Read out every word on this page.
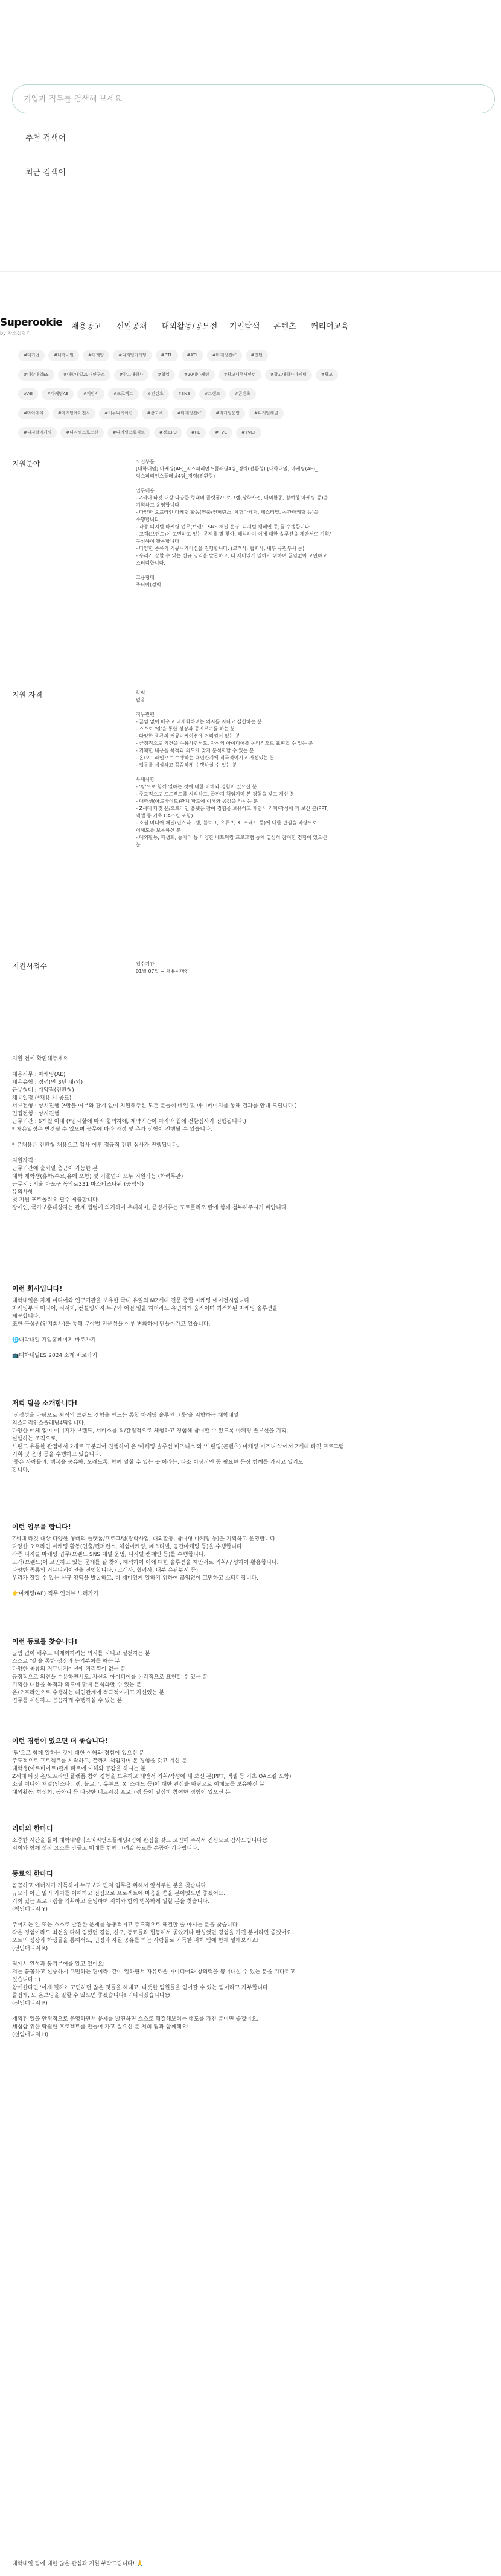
기업과 직무를 검색해 보세요
추천 검색어
최근 검색어
Superookie
by 자소설닷컴
채용공고 신입공채 대외활동/공모전 기업탐색 콘텐츠 커리어교육
#대기업	#대학내일	#마케팅	#디지털마케팅	#BTL	#ATL	#마케팅전략	#인턴
#대학내일ES	#대학내일20대연구소	#광고대행사	#협업	#20대마케팅	#광고대행사인턴	#광고대행사마케팅	#광고
#AE	#마케팅AE	#제안서	#프로젝트	#컨텐츠	#SNS	#트렌드	#콘텐츠
#마이데이	#마케팅에이전시	#커뮤니케이션	#광고주	#마케팅전략	#마케팅운영	#디지털채널
#디지털마케팅	#디지털프로모션	#디지털프로젝트	#정보PD	#PD	#TVC	#TVCF
지원분야	모집부문
[대학내일] 마케팅(AE)_익스피리언스플래닝4팀_경력(전환형) [대학내일] 마케팅(AE)_
익스피리언스플래닝4팀_경력(전환형)
업무내용
- Z세대 타깃 대상 다양한 형태의 플랫폼/프로그램(장학사업, 대외활동, 참여형 마케팅 등)을
기획하고 운영합니다.
- 다양한 오프라인 마케팅 활동(연출/컨퍼런스, 체험마케팅, 페스티벌, 공간마케팅 등)을
수행합니다.
- 각종 디지털 마케팅 업무(브랜드 SNS 채널 운영, 디지털 캠페인 등)를 수행합니다.
- 고객(브랜드)이 고민하고 있는 문제를 잘 찾아, 해석하여 이에 대한 솔루션을 제안서로 기획/
구성하여 활용합니다.
- 다양한 종류의 커뮤니케이션을 진행합니다. (고객사, 협력사, 내부 유관부서 등)
- 우리가 잘할 수 있는 신규 영역을 발굴하고, 더 재미있게 일하기 위하여 끊임없이 고민하고
스터디합니다.
고용형태
주니어(경력
지원 자격	학력
없음
직무관련
- 끊임 없이 배우고 내재화하려는 의지를 지니고 실천하는 분
- 스스로 '일'을 통한 성장과 동기부여를 하는 분
- 다양한 종류의 커뮤니케이션에 거리낌이 없는 분
- 긍정적으로 의견을 수용하면서도, 자신의 아이디어를 논리적으로 표현할 수 있는 분
- 기획한 내용을 목적과 의도에 맞게 분석화할 수 있는 분
- 온/오프라인으로 수행하는 대인관계에 적극적이시고 자신있는 분
- 업무를 세심하고 꼼꼼하게 수행하실 수 있는 분
우대사항
- '팀'으로 함께 일하는 것에 대한 이해와 경험이 있으신 분
- 주도적으로 프로젝트를 시작하고, 끝까지 책임지며 본 경험을 갖고 계신 분
- 대학생(아르바이트)관계 파트에 이해와 공감을 하시는 분
- Z세대 타깃 온/오프라인 플랫폼 참여 경험을 보유하고 제안서 기획/작성에 꽤 보신 분(PPT,
엑셀 등 기초 OA스킬 포함)
- 소셜 미디어 채널(인스타그램, 블로그, 유튜브, X, 스레드 등)에 대한 관심을 바탕으로
이해도를 보유하신 분
- 대외활동, 학생회, 동아리 등 다양한 네트워킹 프로그램 등에 열심히 참여한 경험이 있으신
분
지원서접수	접수기간
01월 07일 ~ 채용시마감
지원 전에 확인해주세요!
채용직무 : 마케팅(AE)
채용유형 : 경력(만 3년 내/외)
근무형태 : 계약직(전환형)
채용일정 (*채용 시 종료)
서류전형 : 상시진행 (*합불 여부와 관계 없이 지원해주신 모든 분들께 메일 및 마이페이지를 통해 결과를 안내 드립니다.)
면접전형 : 상시진행
근무기간 : 6개월 이내 (*입사할에 따라 협의하에, 계약기간이 마지막 월에 전환심사가 진행됩니다.)
* 채용일정은 변경될 수 있으며 공무에 따라 과정 및 추가 전형이 진행될 수 있습니다.
* 본채용은 전환형 채용으로 입사 이후 정규직 전환 심사가 진행됩니다.
지원자격 :
근무기간에 출퇴일 출근이 가능한 분
대학 재학생(휴학/수료,유예 포함) 및 기졸업자 모두 지원가능 (학력무관)
근무지 : 서울 마포구 독막로331 마스터즈타워 (공덕역)
유의사항
첫 지원 포트폴리오 필수 제출합니다.
장애인, 국가보훈대상자는 관계 법령에 의거하여 우대하며, 증빙서류는 포트폴리오 란에 함께 첨부해주시기 바랍니다.
이런 회사입니다!
대학내일은 자체 미디어와 연구기관을 보유한 국내 유일의 MZ세대 전문 종합 마케팅 에이전시입니다.
마케팅부터 미디어, 리서치, 컨설팅까지 누구와 어떤 일을 하더라도 유연하게 움직이며 최적화된 마케팅 솔루션을
제공합니다.
또한 구성원(인지회사)을 통해 분야별 전문성을 이루 변화하게 만들어가고 있습니다.
🌐대학내일 기업홈페이지 바로가기
📺대학내일ES 2024 소개 바로가기
저희 팀을 소개합니다!
'진정성을 바탕으로 최적의 브랜드 경험을 만드는 통합 마케팅 솔루션 그룹'을 지향하는 대학내일
익스피리언스플래닝4팀입니다.
다양한 매체 없이 이미지가 브랜드, 서비스를 직/간접적으로 체험하고 경험해 참여할 수 있도록 마케팅 솔루션을 기획,
실행하는 조직으로,
브랜드 유통한 관점에서 2개로 구분되어 진행하여 온 '마케팅 솔루션 비즈니스'와 '브랜딩(콘텐츠) 마케팅 비즈니스'에서 Z세대 타깃 프로그램
기획 및 운영 등을 수행하고 있습니다.
'좋은 사람들과, 행복을 공유하, 오래도록, 함께 일할 수 있는 곳'이라는, 다소 이상적인 꿈 필요한 문장 함께를 가지고 있기도
합니다.
이런 업무를 합니다!
Z세대 타깃 대상 다양한 형태의 플랫폼/프로그램(장학사업, 대외활동, 참여형 마케팅 등)을 기획하고 운영합니다.
다양한 오프라인 마케팅 활동(연출/컨퍼런스, 체험마케팅, 페스티벌, 공간마케팅 등)을 수행합니다.
각종 디지털 마케팅 업무(브랜드 SNS 채널 운영, 디지털 캠페인 등)를 수행합니다.
고객(브랜드)이 고민하고 있는 문제를 잘 찾아, 해석하여 이에 대한 솔루션을 제안서로 기획/구성하여 활용합니다.
다양한 종류의 커뮤니케이션을 진행합니다. (고객사, 협력사, 내부 유관부서 등)
우리가 잘할 수 있는 신규 영역을 발굴하고, 더 재미있게 일하기 위하여 끊임없이 고민하고 스터디합니다.
👉마케팅(AE) 직무 인터뷰 보러가기
이런 동료를 찾습니다!
끊임 없이 배우고 내재화하려는 의지를 지니고 실천하는 분
스스로 '일'을 통한 성장과 동기부여를 하는 분
다양한 종류의 커뮤니케이션에 거리낌이 없는 분
긍정적으로 의견을 수용하면서도, 자신의 아이디어를 논리적으로 표현할 수 있는 분
기획한 내용을 목적과 의도에 맞게 분석화할 수 있는 분
온/오프라인으로 수행하는 대인관계에 적극적이시고 자신있는 분
업무를 세심하고 꼼꼼하게 수행하실 수 있는 분
이런 경험이 있으면 더 좋습니다!
'팀'으로 함께 일하는 것에 대한 이해와 경험이 있으신 분
주도적으로 프로젝트를 시작하고, 끝까지 책임지며 본 경험을 갖고 계신 분
대학생(아르바이트)관계 파트에 이해와 공감을 하시는 분
Z세대 타깃 온/오프라인 플랫폼 참여 경험을 보유하고 제안서 기획/작성에 꽤 보신 분(PPT, 엑셀 등 기초 OA스킬 포함)
소셜 미디어 채널(인스타그램, 블로그, 유튜브, X, 스레드 등)에 대한 관심을 바탕으로 이해도를 보유하신 분
대외활동, 학생회, 동아리 등 다양한 네트워킹 프로그램 등에 열심히 참여한 경험이 있으신 분
리더의 한마디
소중한 시간을 들여 대학내일익스피리언스플래닝4팀에 관심을 갖고 고민해 주셔서 진심으로 감사드립니다😊
저희와 함께 성장 요소를 만들고 미래를 함께 그려갈 동료를 손꼽아 기다립니다.
동료의 한마디
꼼꼼하고 에너지가 가득하여 누구보다 먼저 업무를 위해서 앞서주실 분을 찾습니다.
규모가 아닌 일의 가치를 이해하고 진심으로 프로젝트에 마음을 쏟을 분이었으면 좋겠어요.
기회 있는 프로그램을 기획하고 운영하며 저희와 함께 행복하게 일할 분을 찾습니다.
(책임매니저 Y)
주어지는 일 또는 스스로 발견한 문제를 능동적이고 주도적으로 해결할 줄 아시는 분을 찾습니다.
각은 경험이라도 최선을 다해 임했던 경험, 친구, 동료들과 협동해서 좋았거나 완성했던 경험을 가진 분이라면 좋겠어요.
포트의 성장과 학생들을 통해서도, 인정과 자원 공유를 하는 사람들로 가득한 저희 팀에 함께 일해보시죠!
(선임매니저 K)
팀에서 완성과 동기부여를 알고 있어요!
저는 꼼꼼하고 신중하게 고민하는 편이라, 같이 일하면서 자유로운 아이디어와 창의력을 뿜어내실 수 있는 분을 기다리고
있습니다 : )
함께한다면 '이게 될까?' 고민하던 많은 것들을 해내고, 따뜻한 팀원들을 얻어갈 수 있는 팀이라고 자부합니다.
즐겁게, 또 온보딩을 일할 수 있으면 좋겠습니다! 기다리겠습니다😊
(선임매니저 P)
계획된 일을 안정적으로 운영하면서 문제를 발견하면 스스로 해결해보려는 태도를 가진 분이면 좋겠어요.
세심함 위한 탁월한 프로젝트를 만들어 가고 싶으신 분 저희 팀과 함께해요!
(선임매니저 H)
대학내일 팀에 대한 많은 관심과 지원 부탁드립니다! 🙏
